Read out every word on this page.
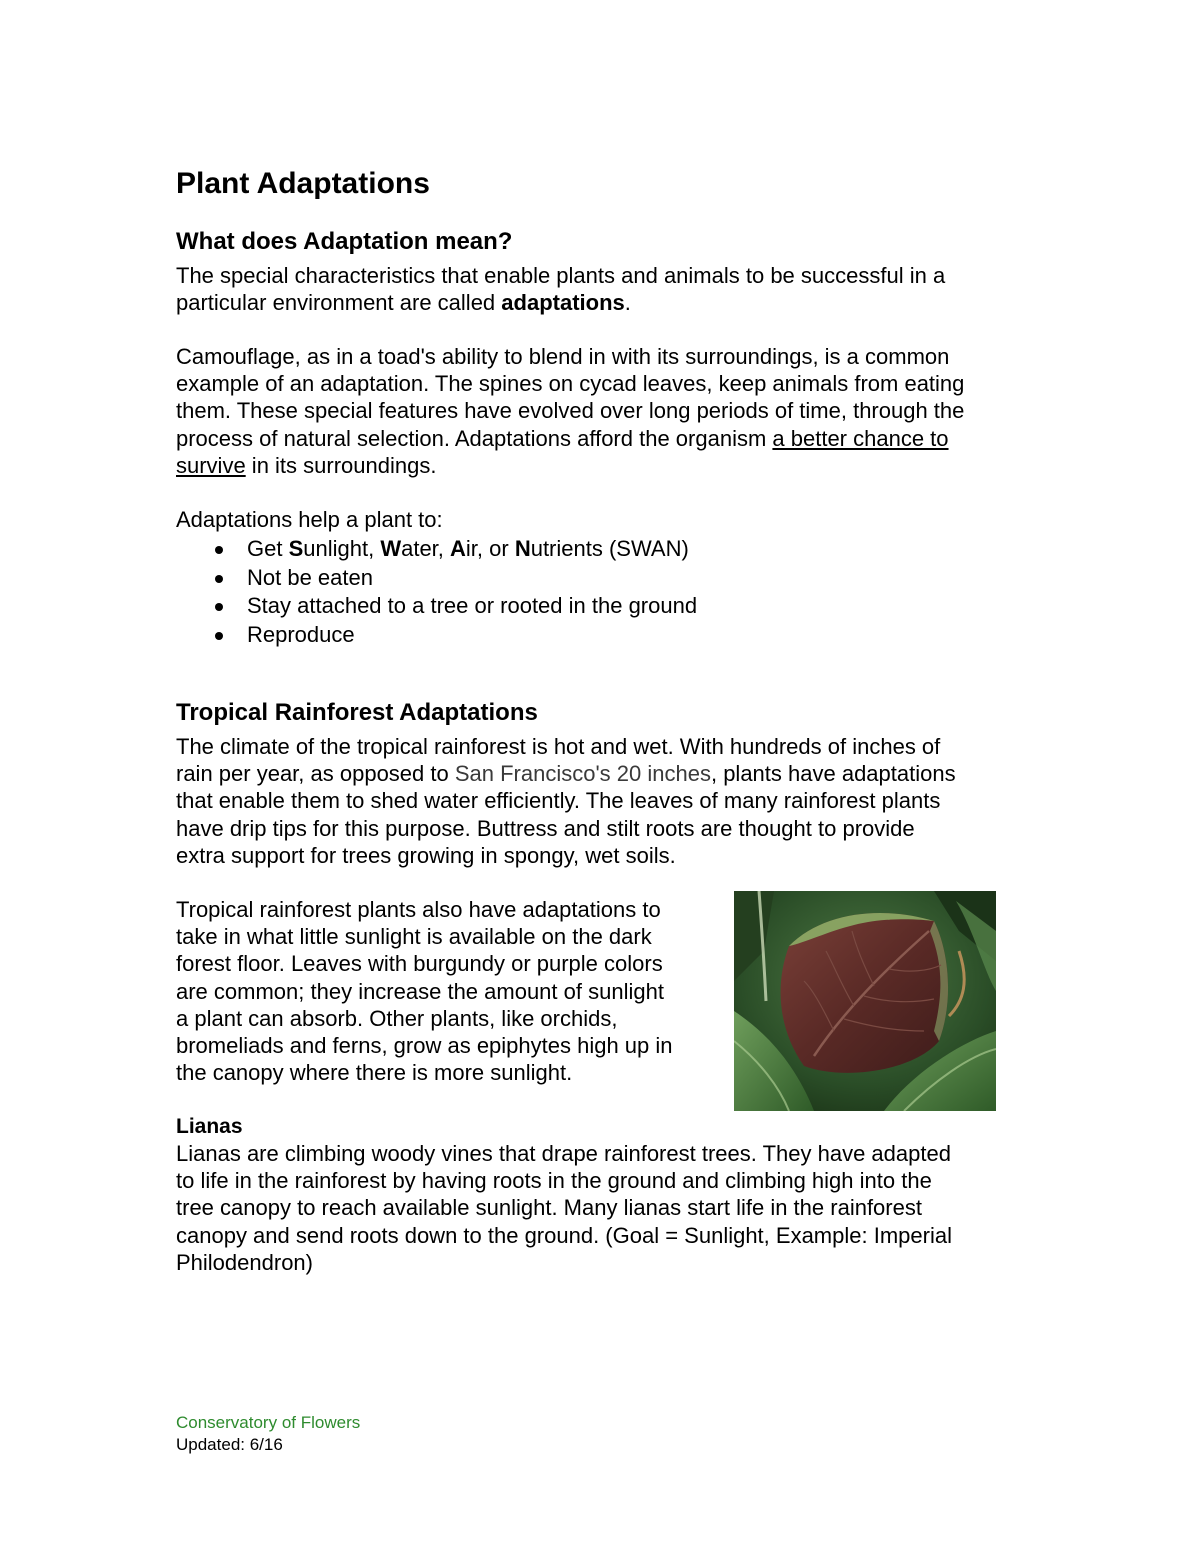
Plant Adaptations
What does Adaptation mean?

The special characteristics that enable plants and animals to be successful in a
particular environment are called adaptations.

Camouflage, as in a toad's ability to blend in with its surroundings, is a common
example of an adaptation. The spines on cycad leaves, keep animals from eating
them. These special features have evolved over long periods of time, through the
process of natural selection. Adaptations afford the organism a better chance to
survive in its surroundings.

Adaptations help a plant to:

Get Sunlight, Water, Air, or Nutrients (SWAN)
Not be eaten
Stay attached to a tree or rooted in the ground
Reproduce
Tropical Rainforest Adaptations

The climate of the tropical rainforest is hot and wet. With hundreds of inches of
rain per year, as opposed to San Francisco's 20 inches, plants have adaptations
that enable them to shed water efficiently. The leaves of many rainforest plants
have drip tips for this purpose. Buttress and stilt roots are thought to provide
extra support for trees growing in spongy, wet soils.

Tropical rainforest plants also have adaptations to
take in what little sunlight is available on the dark
forest floor. Leaves with burgundy or purple colors
are common; they increase the amount of sunlight
a plant can absorb. Other plants, like orchids,
bromeliads and ferns, grow as epiphytes high up in
the canopy where there is more sunlight.

Lianas

Lianas are climbing woody vines that drape rainforest trees. They have adapted
to life in the rainforest by having roots in the ground and climbing high into the
tree canopy to reach available sunlight. Many lianas start life in the rainforest
canopy and send roots down to the ground. (Goal = Sunlight, Example: Imperial
Philodendron)

Conservatory of Flowers
Updated: 6/16
